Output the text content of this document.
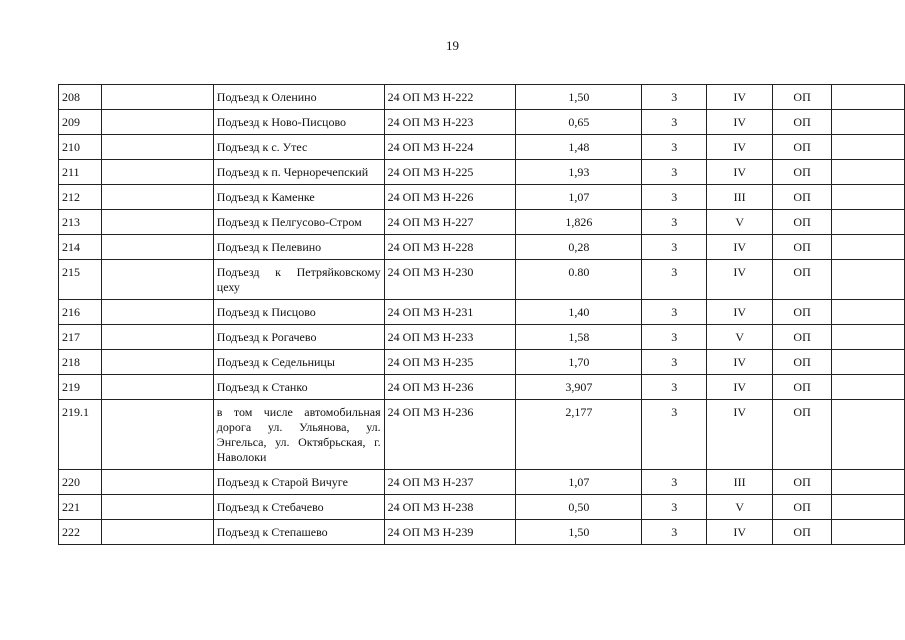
19
208		Подъезд к Оленино	24 ОП МЗ Н-222	1,50	3	IV	ОП	
209		Подъезд к Ново-Писцово	24 ОП МЗ Н-223	0,65	3	IV	ОП	
210		Подъезд к с. Утес	24 ОП МЗ Н-224	1,48	3	IV	ОП	
211		Подъезд к п. Черноречепский	24 ОП МЗ Н-225	1,93	3	IV	ОП	
212		Подъезд к Каменке	24 ОП МЗ Н-226	1,07	3	III	ОП	
213		Подъезд к Пелгусово-Стром	24 ОП МЗ Н-227	1,826	3	V	ОП	
214		Подъезд к Пелевино	24 ОП МЗ Н-228	0,28	3	IV	ОП	
215		Подъезд к Петряйковскому цеху	24 ОП МЗ Н-230	0.80	3	IV	ОП	
216		Подъезд к Писцово	24 ОП МЗ Н-231	1,40	3	IV	ОП	
217		Подъезд к Рогачево	24 ОП МЗ Н-233	1,58	3	V	ОП	
218		Подъезд к Седельницы	24 ОП МЗ Н-235	1,70	3	IV	ОП	
219		Подъезд к Станко	24 ОП МЗ Н-236	3,907	3	IV	ОП	
219.1		в том числе автомобильная дорога ул. Ульянова, ул. Энгельса, ул. Октябрьская, г. Наволоки	24 ОП МЗ Н-236	2,177	3	IV	ОП	
220		Подъезд к Старой Вичуге	24 ОП МЗ Н-237	1,07	3	III	ОП	
221		Подъезд к Стебачево	24 ОП МЗ Н-238	0,50	3	V	ОП	
222		Подъезд к Степашево	24 ОП МЗ Н-239	1,50	3	IV	ОП	
